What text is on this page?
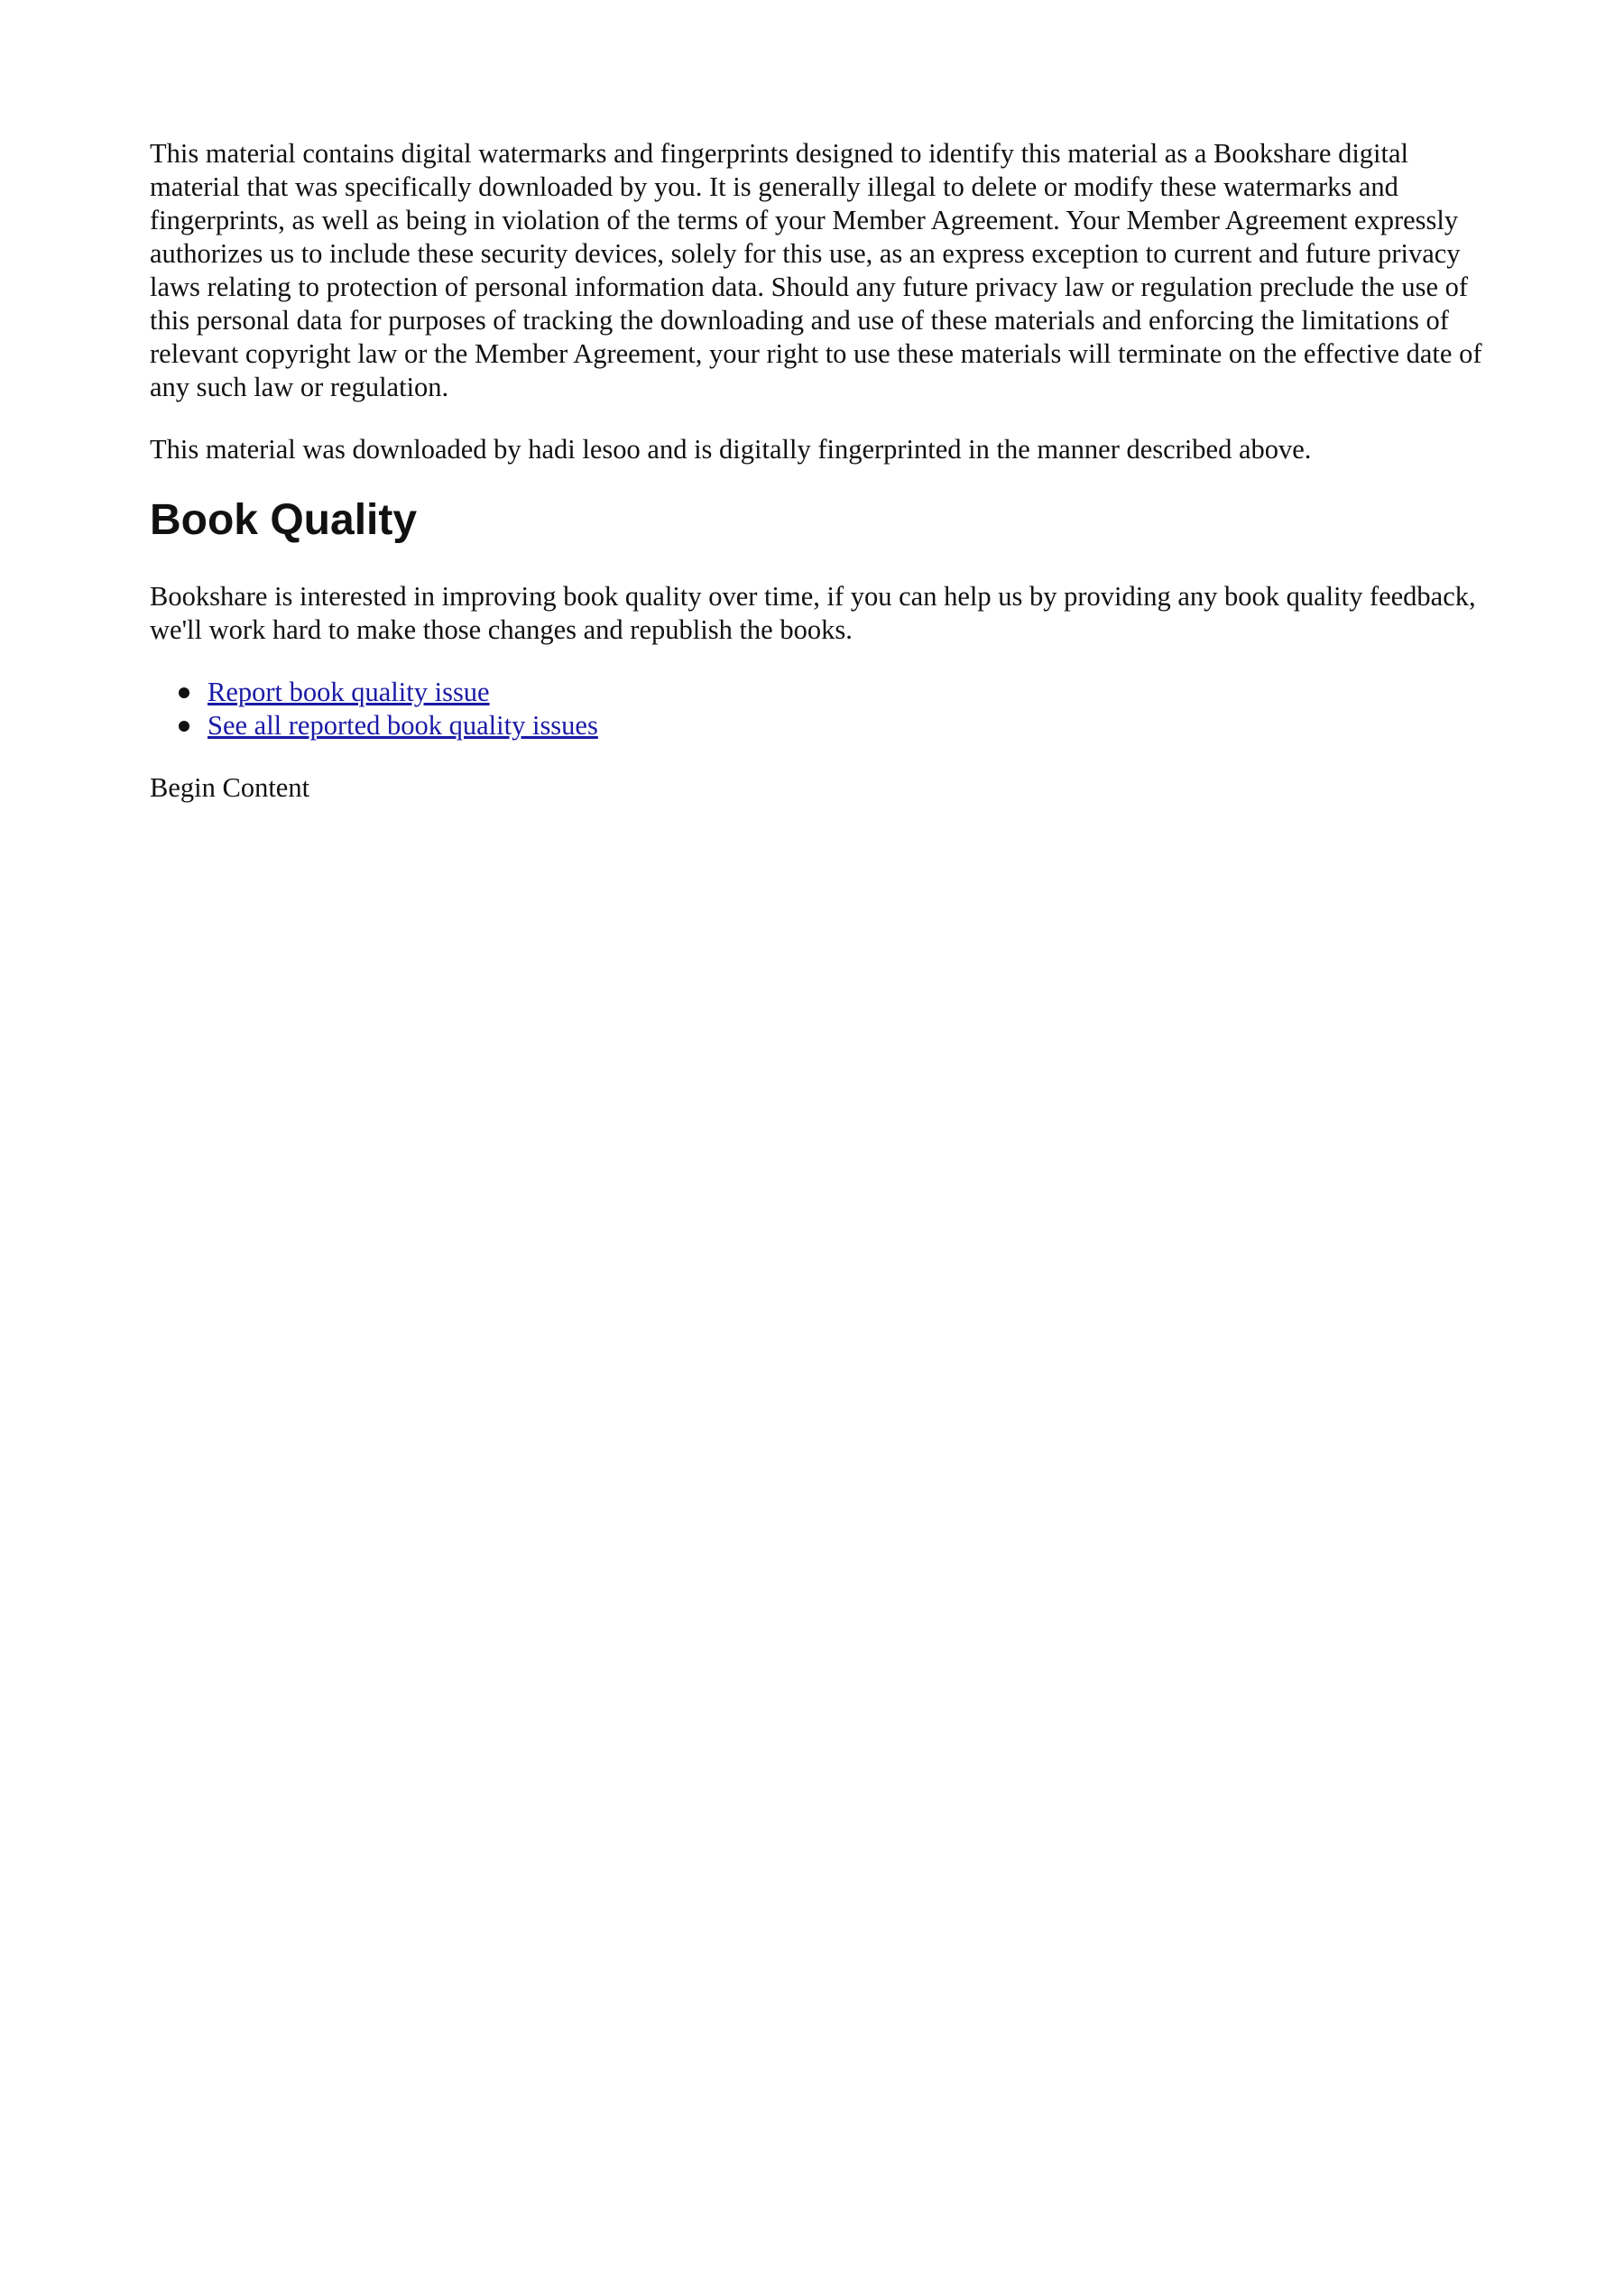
This material contains digital watermarks and fingerprints designed to identify this material as a Bookshare digital material that was specifically downloaded by you. It is generally illegal to delete or modify these watermarks and fingerprints, as well as being in violation of the terms of your Member Agreement. Your Member Agreement expressly authorizes us to include these security devices, solely for this use, as an express exception to current and future privacy laws relating to protection of personal information data. Should any future privacy law or regulation preclude the use of this personal data for purposes of tracking the downloading and use of these materials and enforcing the limitations of relevant copyright law or the Member Agreement, your right to use these materials will terminate on the effective date of any such law or regulation.

This material was downloaded by hadi lesoo and is digitally fingerprinted in the manner described above.

Book Quality

Bookshare is interested in improving book quality over time, if you can help us by providing any book quality feedback, we'll work hard to make those changes and republish the books.

Report book quality issue
See all reported book quality issues

Begin Content
